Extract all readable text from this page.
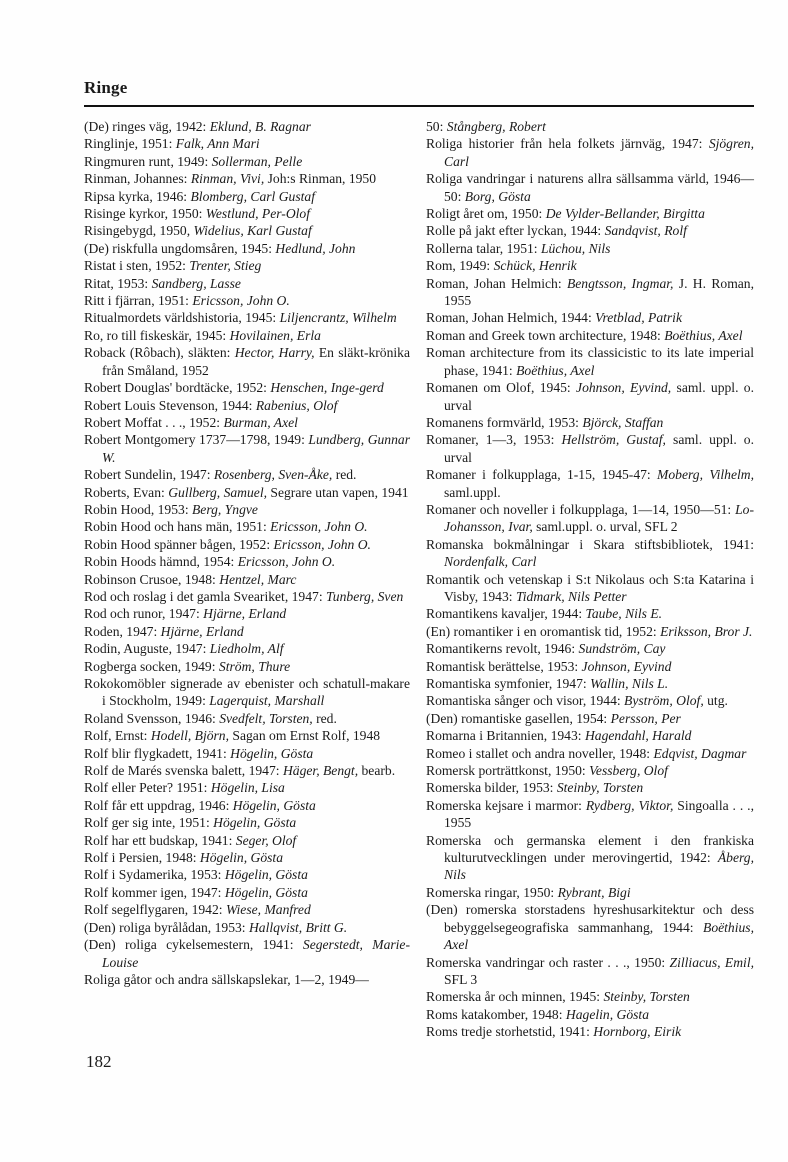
Ringe
(De) ringes väg, 1942: Eklund, B. Ragnar
Ringlinje, 1951: Falk, Ann Mari
Ringmuren runt, 1949: Sollerman, Pelle
Rinman, Johannes: Rinman, Vivi, Joh:s Rinman, 1950
Ripsa kyrka, 1946: Blomberg, Carl Gustaf
Risinge kyrkor, 1950: Westlund, Per-Olof
Risingebygd, 1950, Widelius, Karl Gustaf
(De) riskfulla ungdomsåren, 1945: Hedlund, John
Ristat i sten, 1952: Trenter, Stieg
Ritat, 1953: Sandberg, Lasse
Ritt i fjärran, 1951: Ericsson, John O.
Ritualmordets världshistoria, 1945: Liljencrantz, Wilhelm
Ro, ro till fiskeskär, 1945: Hovilainen, Erla
Roback (Rôbach), släkten: Hector, Harry, En släkt-krönika från Småland, 1952
Robert Douglas' bordtäcke, 1952: Henschen, Inge-gerd
Robert Louis Stevenson, 1944: Rabenius, Olof
Robert Moffat . . ., 1952: Burman, Axel
Robert Montgomery 1737—1798, 1949: Lundberg, Gunnar W.
Robert Sundelin, 1947: Rosenberg, Sven-Åke, red.
Roberts, Evan: Gullberg, Samuel, Segrare utan vapen, 1941
Robin Hood, 1953: Berg, Yngve
Robin Hood och hans män, 1951: Ericsson, John O.
Robin Hood spänner bågen, 1952: Ericsson, John O.
Robin Hoods hämnd, 1954: Ericsson, John O.
Robinson Crusoe, 1948: Hentzel, Marc
Rod och roslag i det gamla Sveariket, 1947: Tunberg, Sven
Rod och runor, 1947: Hjärne, Erland
Roden, 1947: Hjärne, Erland
Rodin, Auguste, 1947: Liedholm, Alf
Rogberga socken, 1949: Ström, Thure
Rokokomöbler signerade av ebenister och schatull-makare i Stockholm, 1949: Lagerquist, Marshall
Roland Svensson, 1946: Svedfelt, Torsten, red.
Rolf, Ernst: Hodell, Björn, Sagan om Ernst Rolf, 1948
Rolf blir flygkadett, 1941: Högelin, Gösta
Rolf de Marés svenska balett, 1947: Häger, Bengt, bearb.
Rolf eller Peter? 1951: Högelin, Lisa
Rolf får ett uppdrag, 1946: Högelin, Gösta
Rolf ger sig inte, 1951: Högelin, Gösta
Rolf har ett budskap, 1941: Seger, Olof
Rolf i Persien, 1948: Högelin, Gösta
Rolf i Sydamerika, 1953: Högelin, Gösta
Rolf kommer igen, 1947: Högelin, Gösta
Rolf segelflygaren, 1942: Wiese, Manfred
(Den) roliga byrålådan, 1953: Hallqvist, Britt G.
(Den) roliga cykelsemestern, 1941: Segerstedt, Marie-Louise
Roliga gåtor och andra sällskapslekar, 1—2, 1949—
50: Stångberg, Robert
Roliga historier från hela folkets järnväg, 1947: Sjögren, Carl
Roliga vandringar i naturens allra sällsamma värld, 1946—50: Borg, Gösta
Roligt året om, 1950: De Vylder-Bellander, Birgitta
Rolle på jakt efter lyckan, 1944: Sandqvist, Rolf
Rollerna talar, 1951: Lüchou, Nils
Rom, 1949: Schück, Henrik
Roman, Johan Helmich: Bengtsson, Ingmar, J. H. Roman, 1955
Roman, Johan Helmich, 1944: Vretblad, Patrik
Roman and Greek town architecture, 1948: Boëthius, Axel
Roman architecture from its classicistic to its late imperial phase, 1941: Boëthius, Axel
Romanen om Olof, 1945: Johnson, Eyvind, saml. uppl. o. urval
Romanens formvärld, 1953: Björck, Staffan
Romaner, 1—3, 1953: Hellström, Gustaf, saml. uppl. o. urval
Romaner i folkupplaga, 1-15, 1945-47: Moberg, Vilhelm, saml.uppl.
Romaner och noveller i folkupplaga, 1—14, 1950—51: Lo-Johansson, Ivar, saml.uppl. o. urval, SFL 2
Romanska bokmålningar i Skara stiftsbibliotek, 1941: Nordenfalk, Carl
Romantik och vetenskap i S:t Nikolaus och S:ta Katarina i Visby, 1943: Tidmark, Nils Petter
Romantikens kavaljer, 1944: Taube, Nils E.
(En) romantiker i en oromantisk tid, 1952: Eriksson, Bror J.
Romantikerns revolt, 1946: Sundström, Cay
Romantisk berättelse, 1953: Johnson, Eyvind
Romantiska symfonier, 1947: Wallin, Nils L.
Romantiska sånger och visor, 1944: Byström, Olof, utg.
(Den) romantiske gasellen, 1954: Persson, Per
Romarna i Britannien, 1943: Hagendahl, Harald
Romeo i stallet och andra noveller, 1948: Edqvist, Dagmar
Romersk porträttkonst, 1950: Vessberg, Olof
Romerska bilder, 1953: Steinby, Torsten
Romerska kejsare i marmor: Rydberg, Viktor, Singoalla . . ., 1955
Romerska och germanska element i den frankiska kulturutvecklingen under merovingertid, 1942: Åberg, Nils
Romerska ringar, 1950: Rybrant, Bigi
(Den) romerska storstadens hyreshusarkitektur och dess bebyggelsegeografiska sammanhang, 1944: Boëthius, Axel
Romerska vandringar och raster . . ., 1950: Zilliacus, Emil, SFL 3
Romerska år och minnen, 1945: Steinby, Torsten
Roms katakomber, 1948: Hagelin, Gösta
Roms tredje storhetstid, 1941: Hornborg, Eirik
182
